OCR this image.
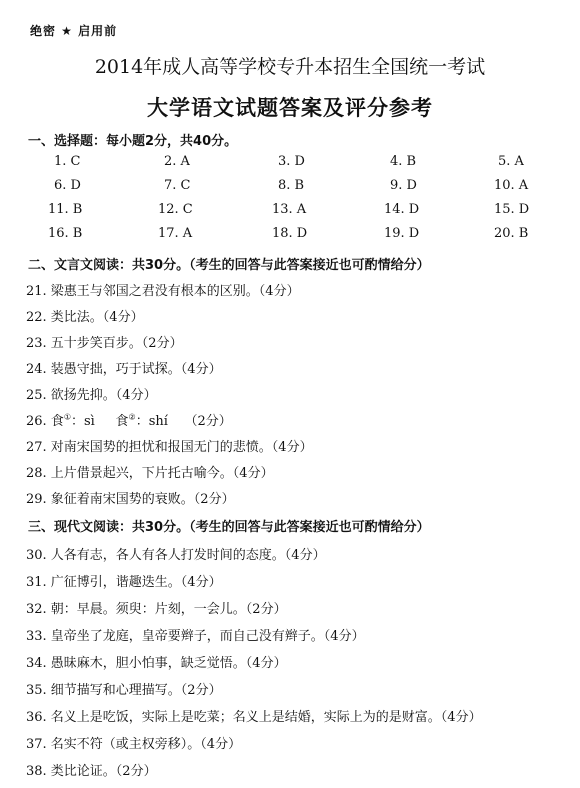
绝密 ★ 启用前
2014年成人高等学校专升本招生全国统一考试
大学语文试题答案及评分参考
一、选择题：每小题2分，共40分。
1. C	2. A	3. D	4. B	5. A
6. D	7. C	8. B	9. D	10. A
11. B	12. C	13. A	14. D	15. D
16. B	17. A	18. D	19. D	20. B
二、文言文阅读：共30分。（考生的回答与此答案接近也可酌情给分）
21. 梁惠王与邻国之君没有根本的区别。（4分）
22. 类比法。（4分）
23. 五十步笑百步。（2分）
24. 装愚守拙，巧于试探。（4分）
25. 欲扬先抑。（4分）
26. 食①：sì 食②：shí （2分）
27. 对南宋国势的担忧和报国无门的悲愤。（4分）
28. 上片借景起兴，下片托古喻今。（4分）
29. 象征着南宋国势的衰败。（2分）
三、现代文阅读：共30分。（考生的回答与此答案接近也可酌情给分）
30. 人各有志，各人有各人打发时间的态度。（4分）
31. 广征博引，谐趣迭生。（4分）
32. 朝：早晨。须臾：片刻，一会儿。（2分）
33. 皇帝坐了龙庭，皇帝要辫子，而自己没有辫子。（4分）
34. 愚昧麻木，胆小怕事，缺乏觉悟。（4分）
35. 细节描写和心理描写。（2分）
36. 名义上是吃饭，实际上是吃菜；名义上是结婚，实际上为的是财富。（4分）
37. 名实不符（或主权旁移）。（4分）
38. 类比论证。（2分）
